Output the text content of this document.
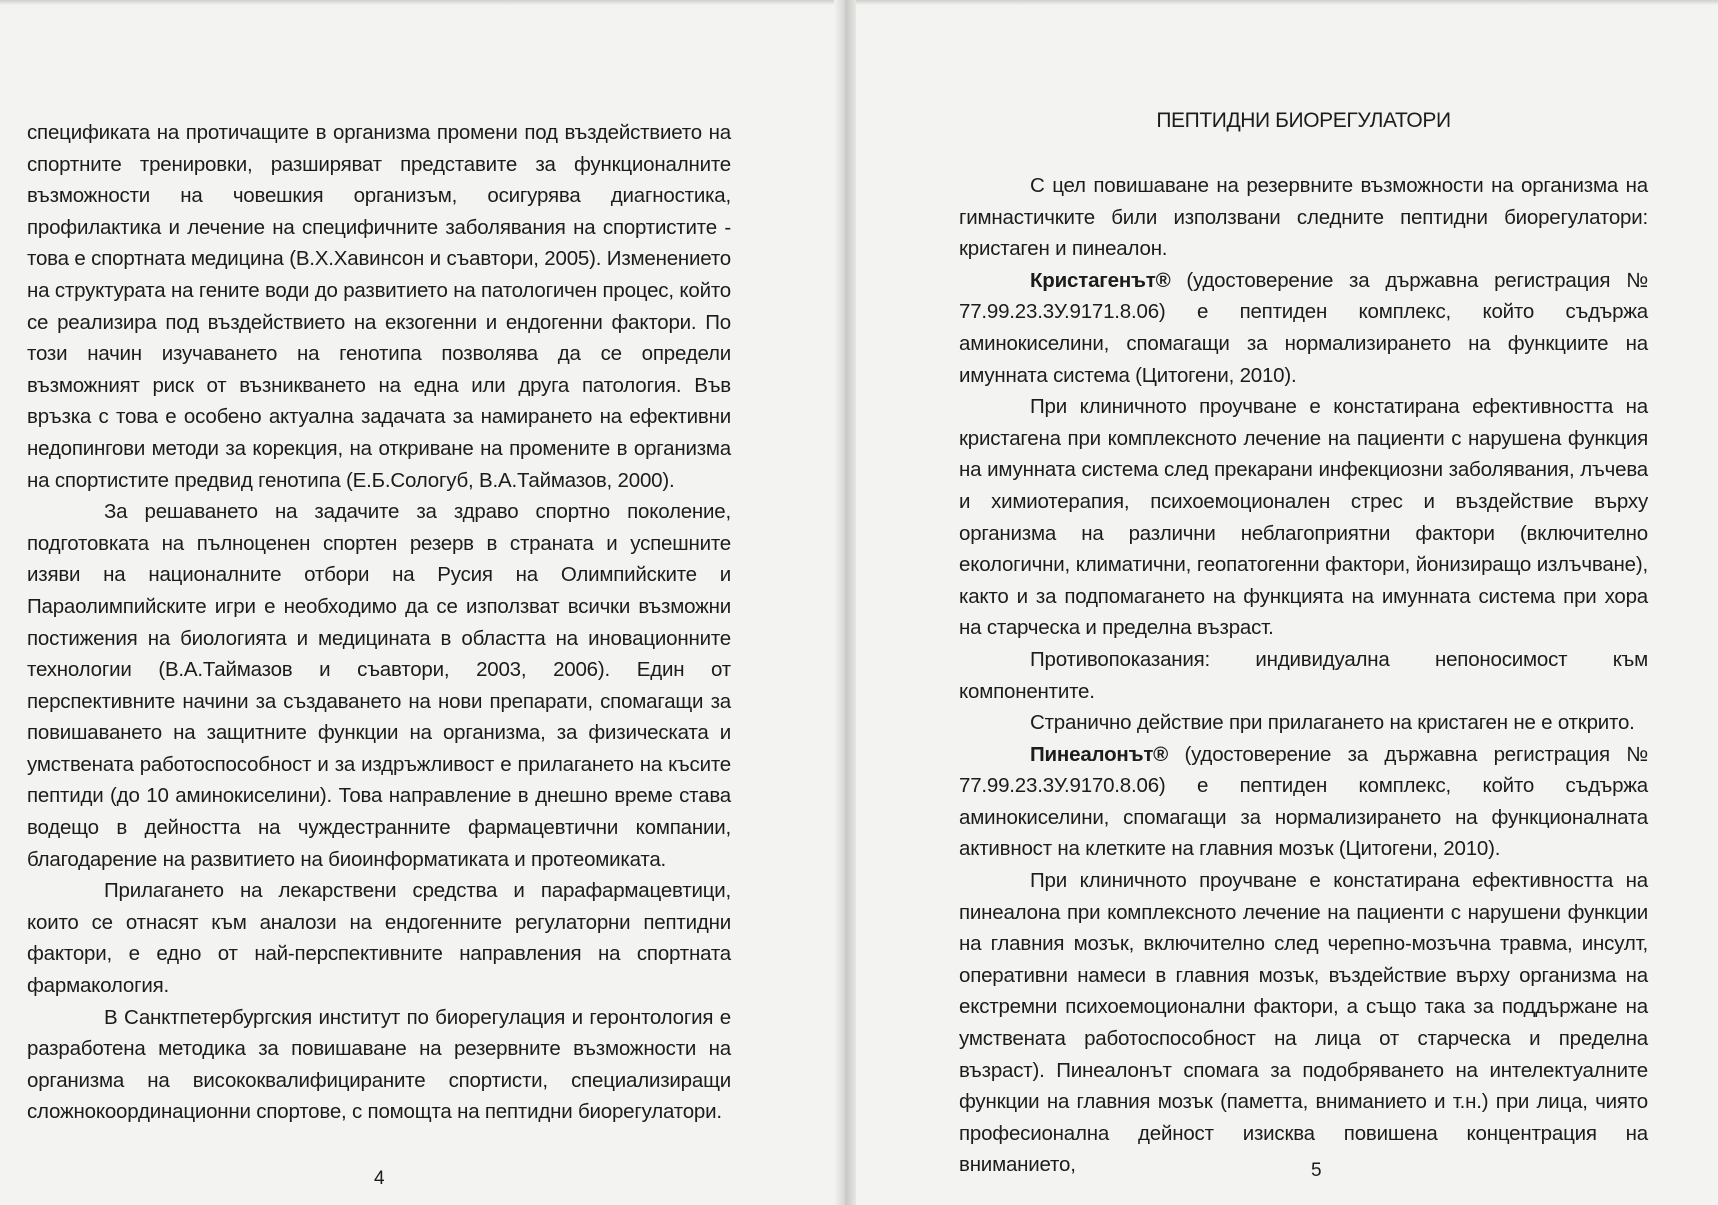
спецификата на протичащите в организма промени под въздействието на спортните тренировки, разширяват представите за функционалните възможности на човешкия организъм, осигурява диагностика, профилактика и лечение на специфичните заболявания на спортистите - това е спортната медицина (В.Х.Хавинсон и съавтори, 2005). Изменението на структурата на гените води до развитието на патологичен процес, който се реализира под въздействието на екзогенни и ендогенни фактори. По този начин изучаването на генотипа позволява да се определи възможният риск от възникването на една или друга патология. Във връзка с това е особено актуална задачата за намирането на ефективни недопингови методи за корекция, на откриване на промените в организма на спортистите предвид генотипа (Е.Б.Сологуб, В.А.Таймазов, 2000).

За решаването на задачите за здраво спортно поколение, подготовката на пълноценен спортен резерв в страната и успешните изяви на националните отбори на Русия на Олимпийските и Параолимпийските игри е необходимо да се използват всички възможни постижения на биологията и медицината в областта на иновационните технологии (В.А.Таймазов и съавтори, 2003, 2006). Един от перспективните начини за създаването на нови препарати, спомагащи за повишаването на защитните функции на организма, за физическата и умствената работоспособност и за издръжливост е прилагането на късите пептиди (до 10 аминокиселини). Това направление в днешно време става водещо в дейността на чуждестранните фармацевтични компании, благодарение на развитието на биоинформатиката и протеомиката.

Прилагането на лекарствени средства и парафармацевтици, които се отнасят към аналози на ендогенните регулаторни пептидни фактори, е едно от най-перспективните направления на спортната фармакология.

В Санктпетербургския институт по биорегулация и геронтология е разработена методика за повишаване на резервните възможности на организма на висококвалифицираните спортисти, специализиращи сложнокоординационни спортове, с помощта на пептидни биорегулатори.

4
ПЕПТИДНИ БИОРЕГУЛАТОРИ

С цел повишаване на резервните възможности на организма на гимнастичките били използвани следните пептидни биорегулатори: кристаген и пинеалон.

Кристагенът® (удостоверение за държавна регистрация № 77.99.23.3У.9171.8.06) е пептиден комплекс, който съдържа аминокиселини, спомагащи за нормализирането на функциите на имунната система (Цитогени, 2010).

При клиничното проучване е констатирана ефективността на кристагена при комплексното лечение на пациенти с нарушена функция на имунната система след прекарани инфекциозни заболявания, лъчева и химиотерапия, психоемоционален стрес и въздействие върху организма на различни неблагоприятни фактори (включително екологични, климатични, геопатогенни фактори, йонизиращо излъчване), както и за подпомагането на функцията на имунната система при хора на старческа и пределна възраст.

Противопоказания: индивидуална непоносимост към компонентите.

Странично действие при прилагането на кристаген не е открито.

Пинеалонът® (удостоверение за държавна регистрация № 77.99.23.3У.9170.8.06) е пептиден комплекс, който съдържа аминокиселини, спомагащи за нормализирането на функционалната активност на клетките на главния мозък (Цитогени, 2010).

При клиничното проучване е констатирана ефективността на пинеалона при комплексното лечение на пациенти с нарушени функции на главния мозък, включително след черепно-мозъчна травма, инсулт, оперативни намеси в главния мозък, въздействие върху организма на екстремни психоемоционални фактори, а също така за поддържане на умствената работоспособност на лица от старческа и пределна възраст). Пинеалонът спомага за подобряването на интелектуалните функции на главния мозък (паметта, вниманието и т.н.) при лица, чиято професионална дейност изисква повишена концентрация на вниманието,	5
